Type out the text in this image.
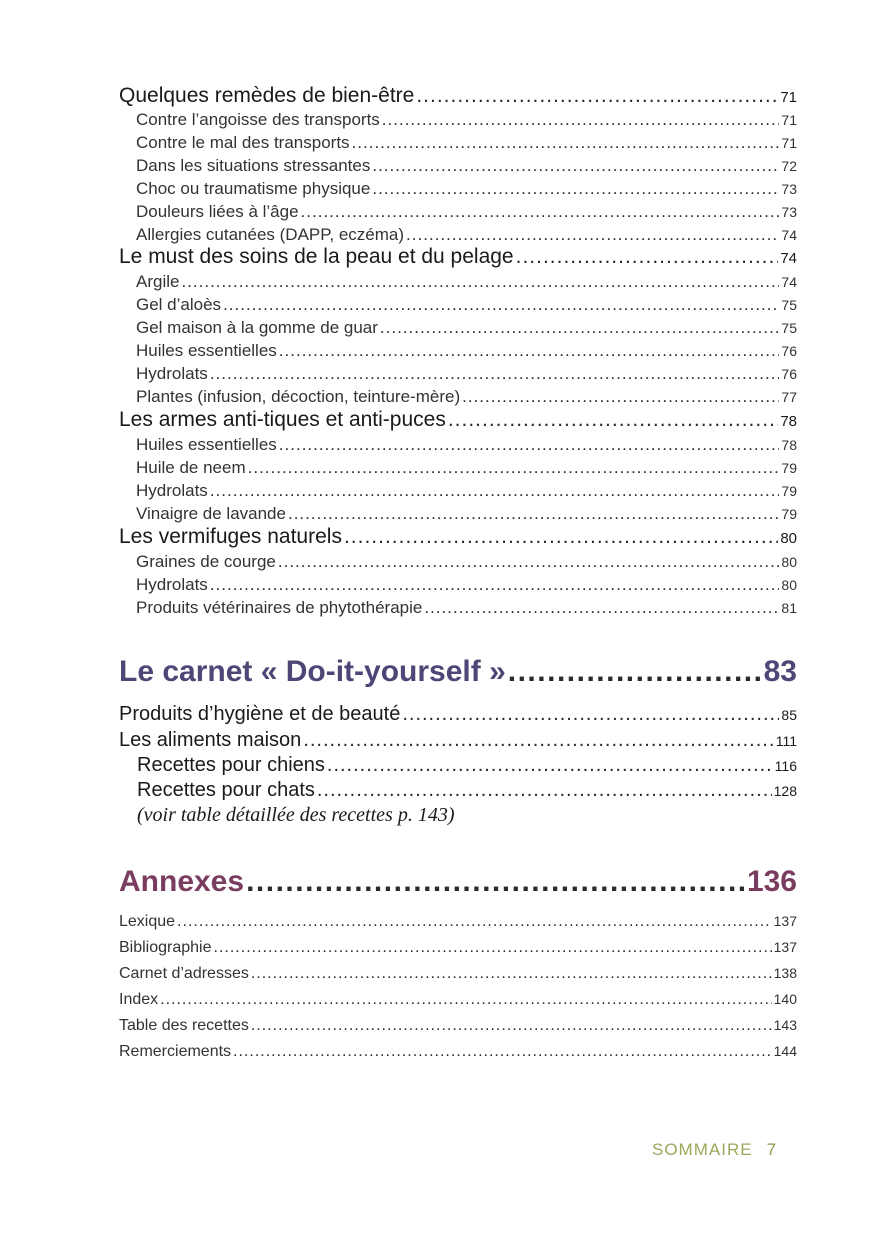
Quelques remèdes de bien-être .....	71
Contre l’angoisse des transports .....	71
Contre le mal des transports .....	71
Dans les situations stressantes .....	72
Choc ou traumatisme physique .....	73
Douleurs liées à l’âge .....	73
Allergies cutanées (DAPP, eczéma) .....	74
Le must des soins de la peau et du pelage .....	74
Argile .....	74
Gel d’aloès .....	75
Gel maison à la gomme de guar .....	75
Huiles essentielles .....	76
Hydrolats .....	76
Plantes (infusion, décoction, teinture-mère) .....	77
Les armes anti-tiques et anti-puces .....	78
Huiles essentielles .....	78
Huile de neem .....	79
Hydrolats .....	79
Vinaigre de lavande .....	79
Les vermifuges naturels .....	80
Graines de courge .....	80
Hydrolats .....	80
Produits vétérinaires de phytothérapie .....	81
Le carnet « Do-it-yourself » .....	83
Produits d’hygiène et de beauté .....	85
Les aliments maison .....	111
Recettes pour chiens .....	116
Recettes pour chats .....	128
(voir table détaillée des recettes p. 143)
Annexes .....	136
Lexique .....	137
Bibliographie .....	137
Carnet d’adresses .....	138
Index .....	140
Table des recettes .....	143
Remerciements .....	144
SOMMAIRE 7
